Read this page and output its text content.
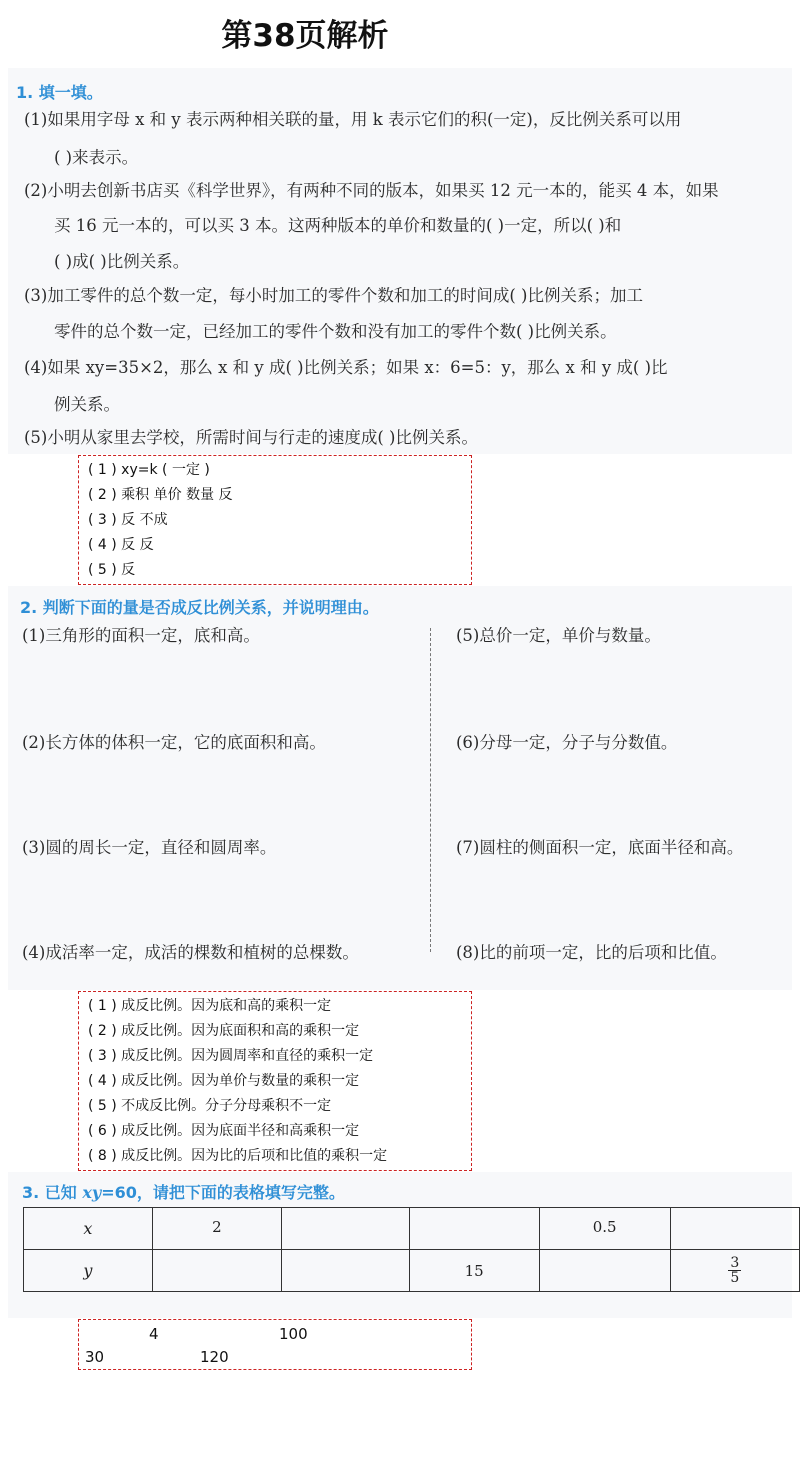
第38页解析
1. 填一填。
(1)如果用字母 x 和 y 表示两种相关联的量，用 k 表示它们的积(一定)，反比例关系可以用
( )来表示。
(2)小明去创新书店买《科学世界》，有两种不同的版本，如果买 12 元一本的，能买 4 本，如果
买 16 元一本的，可以买 3 本。这两种版本的单价和数量的( )一定，所以( )和
( )成( )比例关系。
(3)加工零件的总个数一定，每小时加工的零件个数和加工的时间成( )比例关系；加工
零件的总个数一定，已经加工的零件个数和没有加工的零件个数( )比例关系。
(4)如果 xy=35×2，那么 x 和 y 成( )比例关系；如果 x：6=5：y，那么 x 和 y 成( )比
例关系。
(5)小明从家里去学校，所需时间与行走的速度成( )比例关系。
( 1 ) xy=k ( 一定 )
( 2 ) 乘积 单价 数量 反
( 3 ) 反 不成
( 4 ) 反 反
( 5 ) 反
2. 判断下面的量是否成反比例关系，并说明理由。
(1)三角形的面积一定，底和高。
(2)长方体的体积一定，它的底面积和高。
(3)圆的周长一定，直径和圆周率。
(4)成活率一定，成活的棵数和植树的总棵数。
(5)总价一定，单价与数量。
(6)分母一定，分子与分数值。
(7)圆柱的侧面积一定，底面半径和高。
(8)比的前项一定，比的后项和比值。
( 1 ) 成反比例。因为底和高的乘积一定
( 2 ) 成反比例。因为底面积和高的乘积一定
( 3 ) 成反比例。因为圆周率和直径的乘积一定
( 4 ) 成反比例。因为单价与数量的乘积一定
( 5 ) 不成反比例。分子分母乘积不一定
( 6 ) 成反比例。因为底面半径和高乘积一定
( 8 ) 成反比例。因为比的后项和比值的乘积一定
3. 已知 xy=60，请把下面的表格填写完整。
x	2			0.5	
y			15		$\frac{3}{5}$
4	100
30	120
